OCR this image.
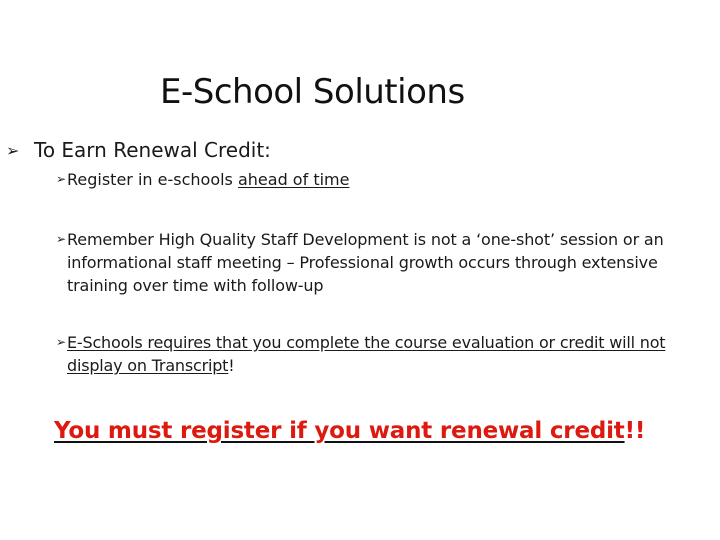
E-School Solutions
➢ To Earn Renewal Credit:
➢ Register in e-schools ahead of time
➢ Remember High Quality Staff Development is not a ‘one-shot’ session or an informational staff meeting – Professional growth occurs through extensive training over time with follow-up
➢ E-Schools requires that you complete the course evaluation or credit will not display on Transcript!
You must register if you want renewal credit!!
